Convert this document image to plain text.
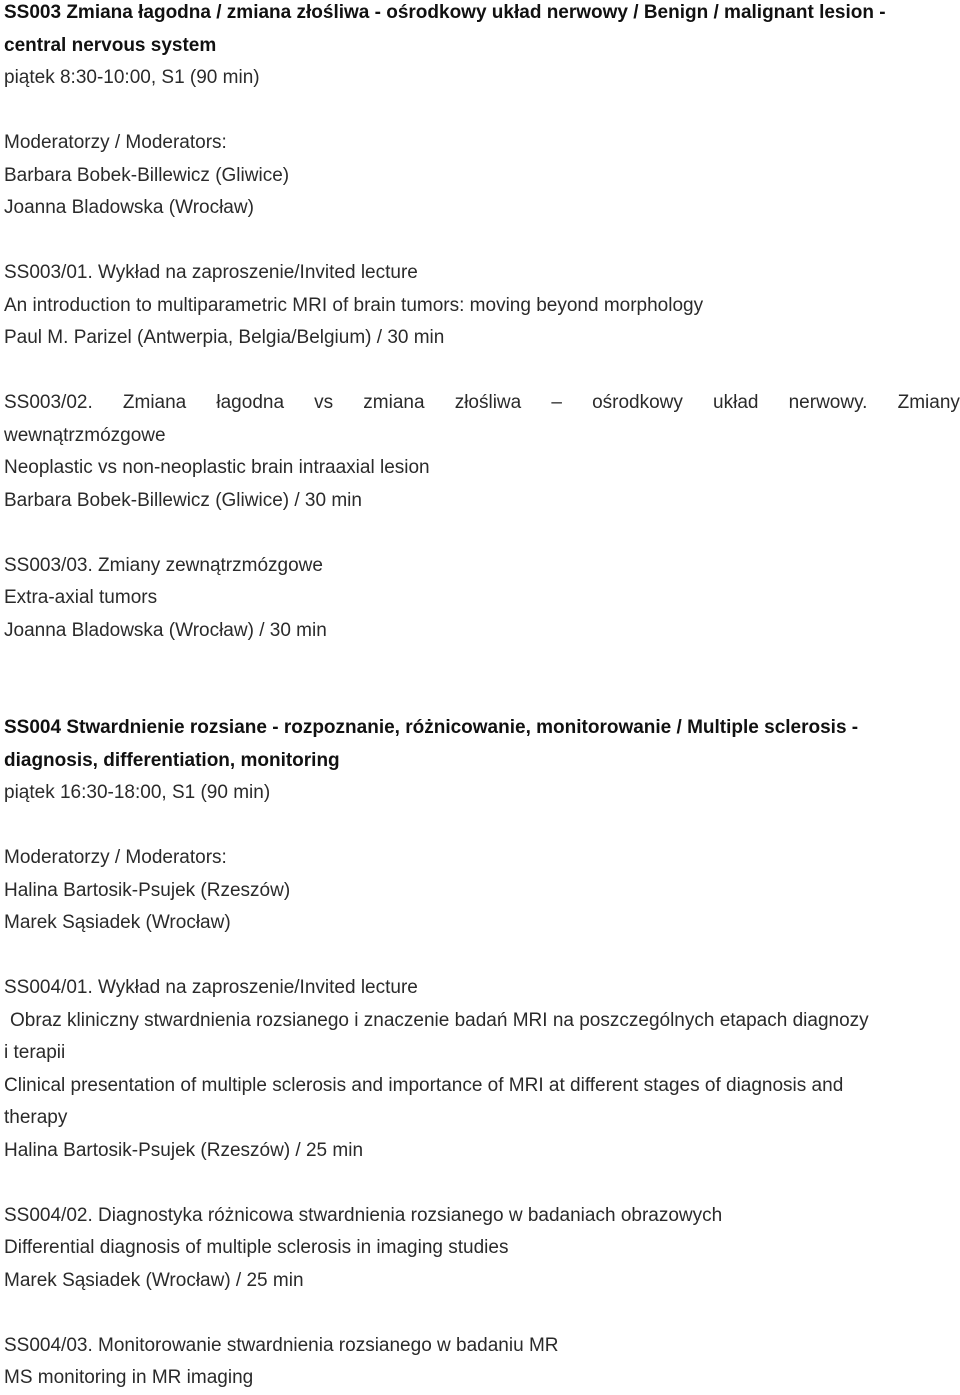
SS003 Zmiana łagodna / zmiana złośliwa - ośrodkowy układ nerwowy / Benign / malignant lesion -
central nervous system
piątek 8:30-10:00, S1 (90 min)
Moderatorzy / Moderators:
Barbara Bobek-Billewicz (Gliwice)
Joanna Bladowska (Wrocław)
SS003/01. Wykład na zaproszenie/Invited lecture
An introduction to multiparametric MRI of brain tumors: moving beyond morphology
Paul M. Parizel (Antwerpia, Belgia/Belgium) / 30 min
SS003/02. Zmiana łagodna vs zmiana złośliwa – ośrodkowy układ nerwowy. Zmiany
wewnątrzmózgowe
Neoplastic vs non-neoplastic brain intraaxial lesion
Barbara Bobek-Billewicz (Gliwice) / 30 min
SS003/03. Zmiany zewnątrzmózgowe
Extra-axial tumors
Joanna Bladowska (Wrocław) / 30 min
SS004 Stwardnienie rozsiane - rozpoznanie, różnicowanie, monitorowanie / Multiple sclerosis -
diagnosis, differentiation, monitoring
piątek 16:30-18:00, S1 (90 min)
Moderatorzy / Moderators:
Halina Bartosik-Psujek (Rzeszów)
Marek Sąsiadek (Wrocław)
SS004/01. Wykład na zaproszenie/Invited lecture
Obraz kliniczny stwardnienia rozsianego i znaczenie badań MRI na poszczególnych etapach diagnozy
i terapii
Clinical presentation of multiple sclerosis and importance of MRI at different stages of diagnosis and
therapy
Halina Bartosik-Psujek (Rzeszów) / 25 min
SS004/02. Diagnostyka różnicowa stwardnienia rozsianego w badaniach obrazowych
Differential diagnosis of multiple sclerosis in imaging studies
Marek Sąsiadek (Wrocław) / 25 min
SS004/03. Monitorowanie stwardnienia rozsianego w badaniu MR
MS monitoring in MR imaging
